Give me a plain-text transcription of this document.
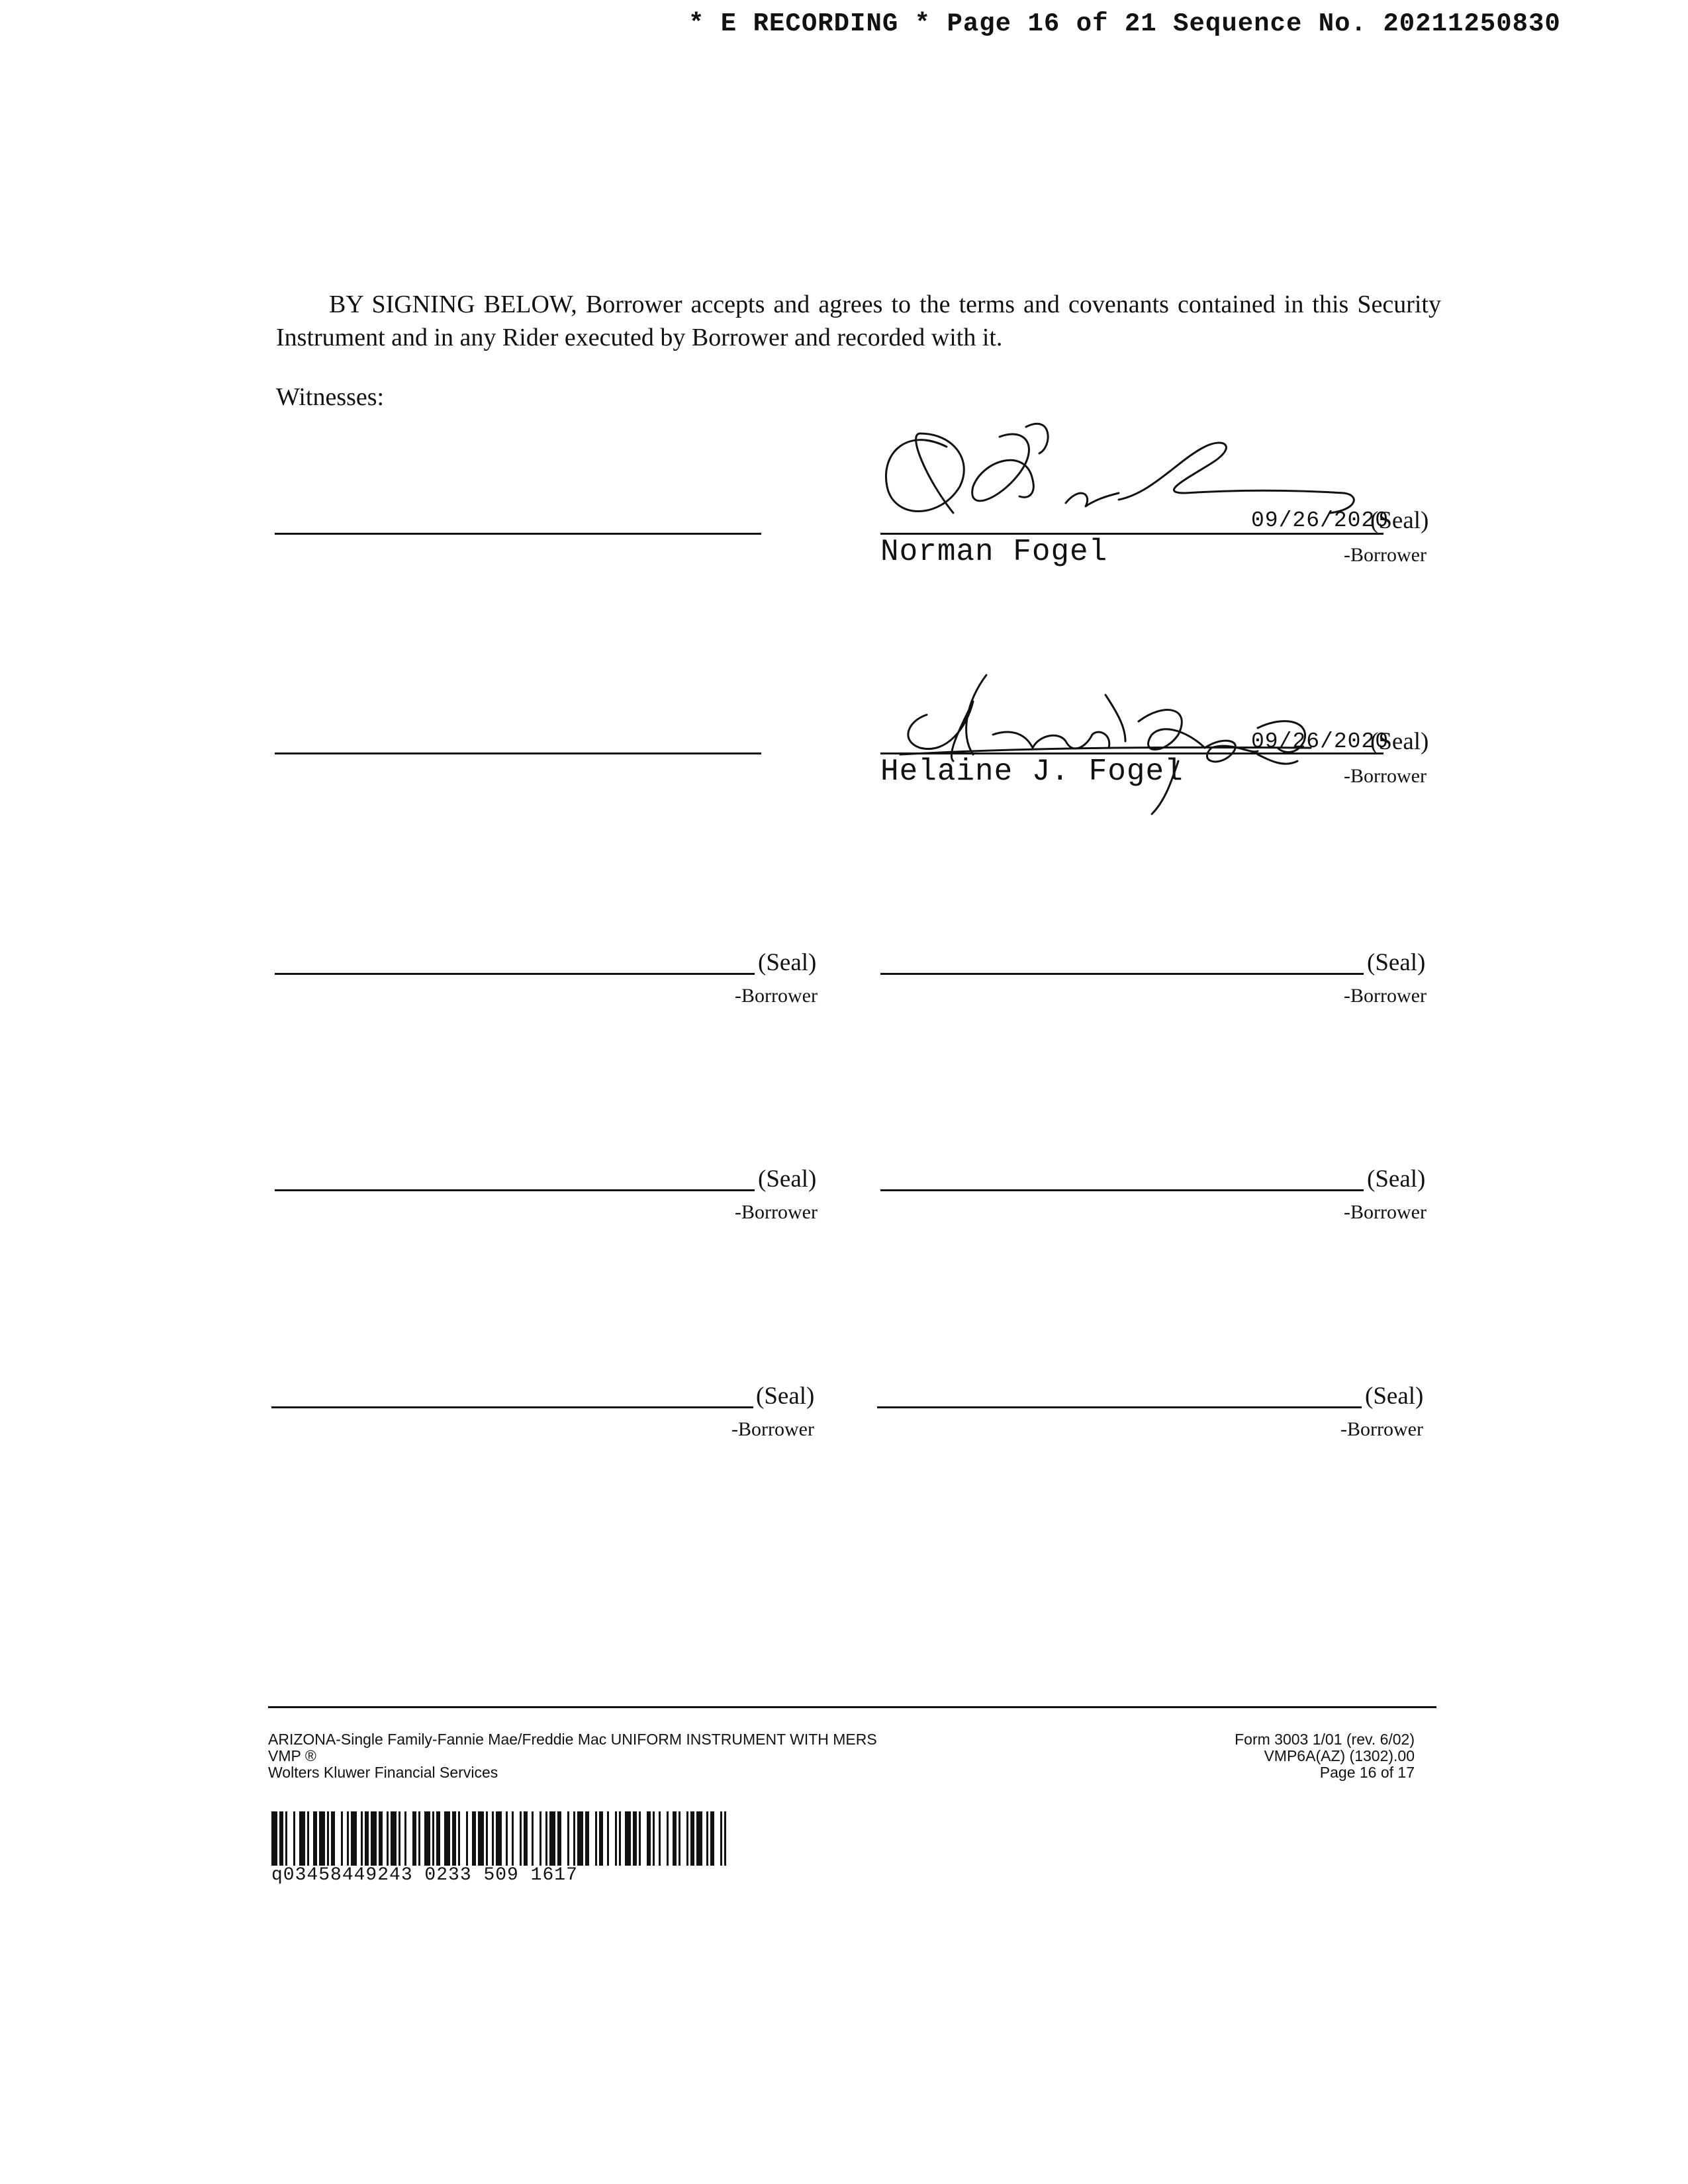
* E RECORDING * Page 16 of 21 Sequence No. 20211250830
BY SIGNING BELOW, Borrower accepts and agrees to the terms and covenants contained in this Security Instrument and in any Rider executed by Borrower and recorded with it.
Witnesses:
09/26/2020
(Seal)
Norman Fogel	-Borrower
09/26/2020
(Seal)
Helaine J. Fogel	-Borrower
(Seal)
-Borrower
(Seal)
-Borrower
(Seal)
-Borrower
(Seal)
-Borrower
(Seal)
-Borrower
(Seal)
-Borrower
ARIZONA-Single Family-Fannie Mae/Freddie Mac UNIFORM INSTRUMENT WITH MERS
VMP ®
Wolters Kluwer Financial Services
Form 3003 1/01 (rev. 6/02)
VMP6A(AZ) (1302).00
Page 16 of 17
q03458449243 0233 509 1617
